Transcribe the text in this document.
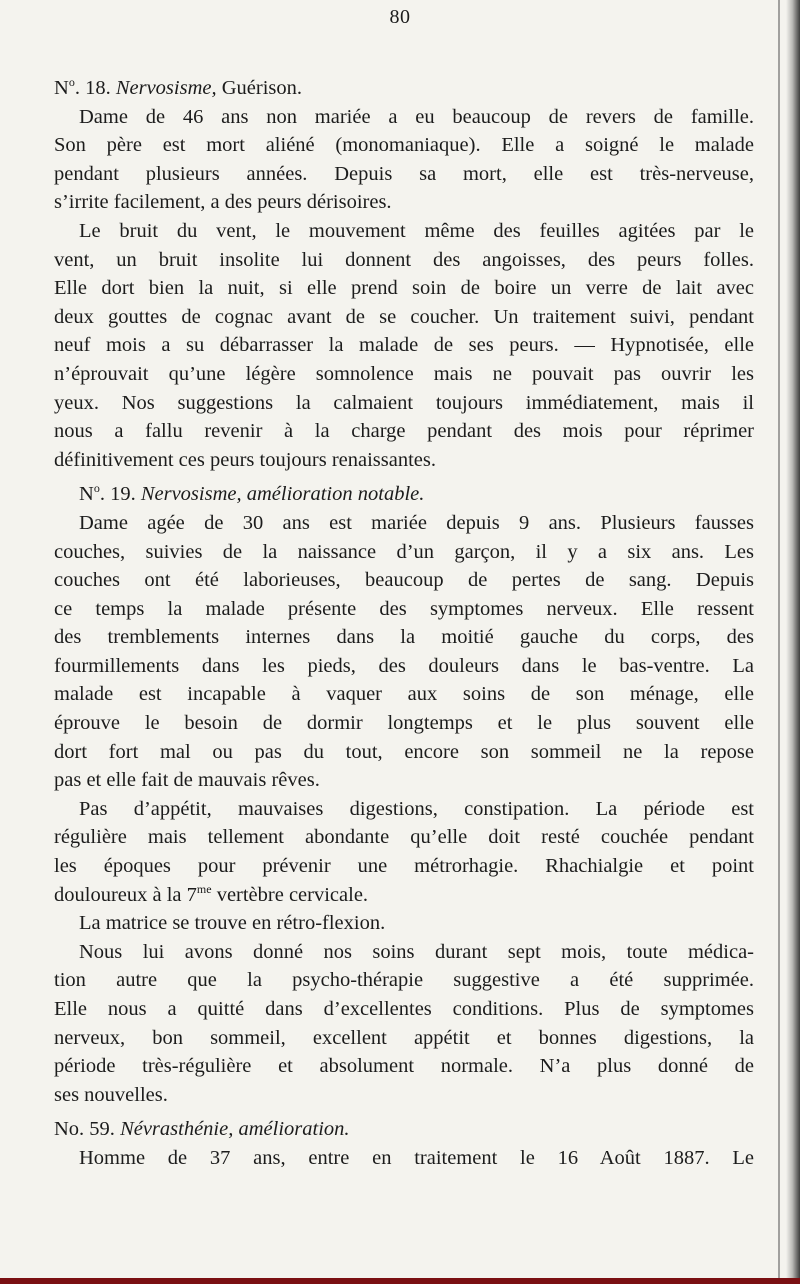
80
$N^o$. 18. Nervosisme, Guérison.
Dame de 46 ans non mariée a eu beaucoup de revers de famille.
Son père est mort aliéné (monomaniaque). Elle a soigné le malade
pendant plusieurs années. Depuis sa mort, elle est très-nerveuse,
s’irrite facilement, a des peurs dérisoires.
Le bruit du vent, le mouvement même des feuilles agitées par le
vent, un bruit insolite lui donnent des angoisses, des peurs folles.
Elle dort bien la nuit, si elle prend soin de boire un verre de lait avec
deux gouttes de cognac avant de se coucher. Un traitement suivi, pendant
neuf mois a su débarrasser la malade de ses peurs. — Hypnotisée, elle
n’éprouvait qu’une légère somnolence mais ne pouvait pas ouvrir les
yeux. Nos suggestions la calmaient toujours immédiatement, mais il
nous a fallu revenir à la charge pendant des mois pour réprimer
définitivement ces peurs toujours renaissantes.
$N^o$. 19. Nervosisme, amélioration notable.
Dame agée de 30 ans est mariée depuis 9 ans. Plusieurs fausses
couches, suivies de la naissance d’un garçon, il y a six ans. Les
couches ont été laborieuses, beaucoup de pertes de sang. Depuis
ce temps la malade présente des symptomes nerveux. Elle ressent
des tremblements internes dans la moitié gauche du corps, des
fourmillements dans les pieds, des douleurs dans le bas-ventre. La
malade est incapable à vaquer aux soins de son ménage, elle
éprouve le besoin de dormir longtemps et le plus souvent elle
dort fort mal ou pas du tout, encore son sommeil ne la repose
pas et elle fait de mauvais rêves.
Pas d’appétit, mauvaises digestions, constipation. La période est
régulière mais tellement abondante qu’elle doit resté couchée pendant
les époques pour prévenir une métrorhagie. Rhachialgie et point
douloureux à la $7^{me}$ vertèbre cervicale.
La matrice se trouve en rétro-flexion.
Nous lui avons donné nos soins durant sept mois, toute médica-
tion autre que la psycho-thérapie suggestive a été supprimée.
Elle nous a quitté dans d’excellentes conditions. Plus de symptomes
nerveux, bon sommeil, excellent appétit et bonnes digestions, la
période très-régulière et absolument normale. N’a plus donné de
ses nouvelles.
No. 59. Névrasthénie, amélioration.
Homme de 37 ans, entre en traitement le 16 Août 1887. Le
